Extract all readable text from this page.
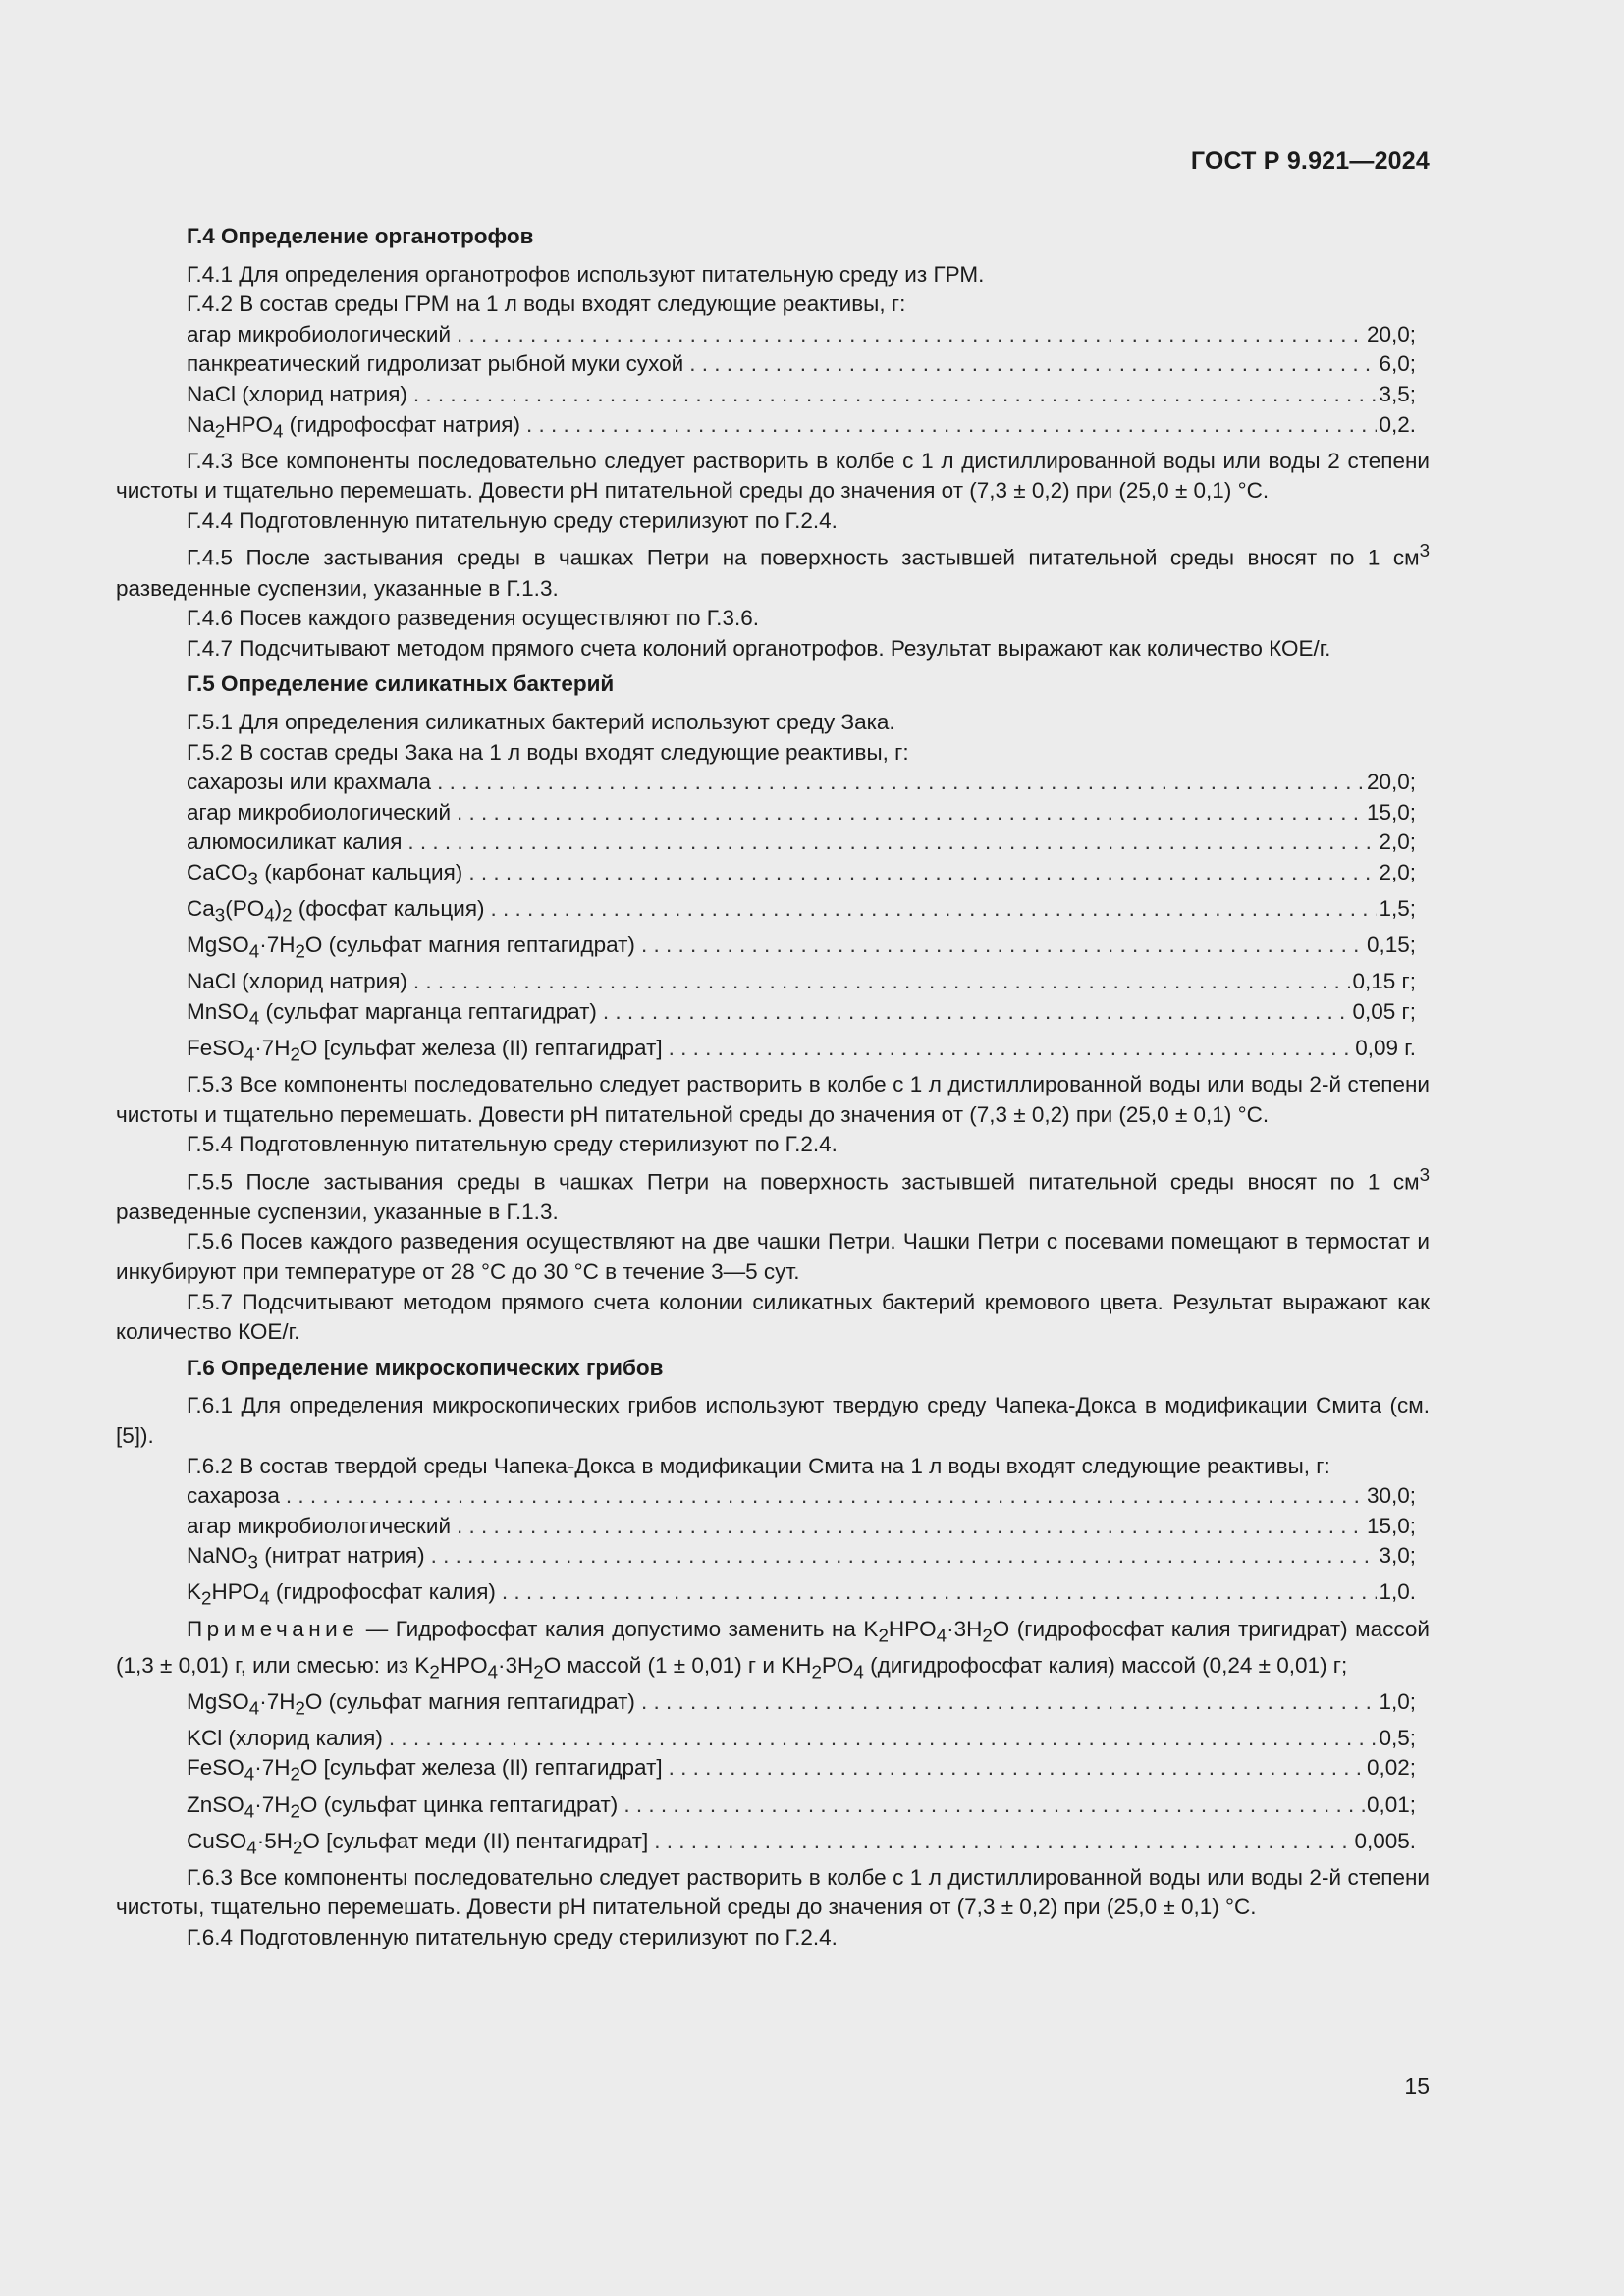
ГОСТ Р 9.921—2024
Г.4 Определение органотрофов

Г.4.1 Для определения органотрофов используют питательную среду из ГРМ.

Г.4.2 В состав среды ГРМ на 1 л воды входят следующие реактивы, г:

агар микробиологический . . .	20,0;
панкреатический гидролизат рыбной муки сухой . . .	6,0;
NaCl (хлорид натрия) . . .	3,5;
$Na_2HPO_4$ (гидрофосфат натрия) . . .	0,2.

Г.4.3 Все компоненты последовательно следует растворить в колбе с 1 л дистиллированной воды или воды 2 степени чистоты и тщательно перемешать. Довести pH питательной среды до значения от (7,3 ± 0,2) при (25,0 ± 0,1) °C.

Г.4.4 Подготовленную питательную среду стерилизуют по Г.2.4.

Г.4.5 После застывания среды в чашках Петри на поверхность застывшей питательной среды вносят по 1 $см^3$ разведенные суспензии, указанные в Г.1.3.

Г.4.6 Посев каждого разведения осуществляют по Г.3.6.

Г.4.7 Подсчитывают методом прямого счета колоний органотрофов. Результат выражают как количество КОЕ/г.

Г.5 Определение силикатных бактерий

Г.5.1 Для определения силикатных бактерий используют среду Зака.

Г.5.2 В состав среды Зака на 1 л воды входят следующие реактивы, г:

сахарозы или крахмала . . .	20,0;
агар микробиологический . . .	15,0;
алюмосиликат калия . . .	2,0;
CaCO$_3$ (карбонат кальция) . . .	2,0;
$Ca_3(PO_4)_2$ (фосфат кальция) . . .	1,5;
$MgSO_4\cdot 7H_2O$ (сульфат магния гептагидрат) . . .	0,15;
NaCl (хлорид натрия) . . .	0,15 г;
MnSO$_4$ (сульфат марганца гептагидрат) . . .	0,05 г;
$FeSO_4\cdot 7H_2O$ [сульфат железа (II) гептагидрат] . . .	0,09 г.

Г.5.3 Все компоненты последовательно следует растворить в колбе с 1 л дистиллированной воды или воды 2-й степени чистоты и тщательно перемешать. Довести pH питательной среды до значения от (7,3 ± 0,2) при (25,0 ± 0,1) °C.

Г.5.4 Подготовленную питательную среду стерилизуют по Г.2.4.

Г.5.5 После застывания среды в чашках Петри на поверхность застывшей питательной среды вносят по 1 $см^3$ разведенные суспензии, указанные в Г.1.3.

Г.5.6 Посев каждого разведения осуществляют на две чашки Петри. Чашки Петри с посевами помещают в термостат и инкубируют при температуре от 28 °C до 30 °C в течение 3—5 сут.

Г.5.7 Подсчитывают методом прямого счета колонии силикатных бактерий кремового цвета. Результат выражают как количество КОЕ/г.

Г.6 Определение микроскопических грибов

Г.6.1 Для определения микроскопических грибов используют твердую среду Чапека-Докса в модификации Смита (см. [5]).

Г.6.2 В состав твердой среды Чапека-Докса в модификации Смита на 1 л воды входят следующие реактивы, г:

сахароза . . .	30,0;
агар микробиологический . . .	15,0;
NaNO$_3$ (нитрат натрия) . . .	3,0;
$K_2HPO_4$ (гидрофосфат калия) . . .	1,0.

Примечание — Гидрофосфат калия допустимо заменить на $K_2HPO_4\cdot 3H_2O$ (гидрофосфат калия тригидрат) массой (1,3 ± 0,01) г, или смесью: из $K_2HPO_4\cdot 3H_2O$ массой (1 ± 0,01) г и $KH_2PO_4$ (дигидрофосфат калия) массой (0,24 ± 0,01) г;

$MgSO_4\cdot 7H_2O$ (сульфат магния гептагидрат) . . .	1,0;
KCl (хлорид калия) . . .	0,5;
$FeSO_4\cdot 7H_2O$ [сульфат железа (II) гептагидрат] . . .	0,02;
$ZnSO_4\cdot 7H_2O$ (сульфат цинка гептагидрат) . . .	0,01;
$CuSO_4\cdot 5H_2O$ [сульфат меди (II) пентагидрат] . . .	0,005.

Г.6.3 Все компоненты последовательно следует растворить в колбе с 1 л дистиллированной воды или воды 2-й степени чистоты, тщательно перемешать. Довести pH питательной среды до значения от (7,3 ± 0,2) при (25,0 ± 0,1) °C.

Г.6.4 Подготовленную питательную среду стерилизуют по Г.2.4.

15
